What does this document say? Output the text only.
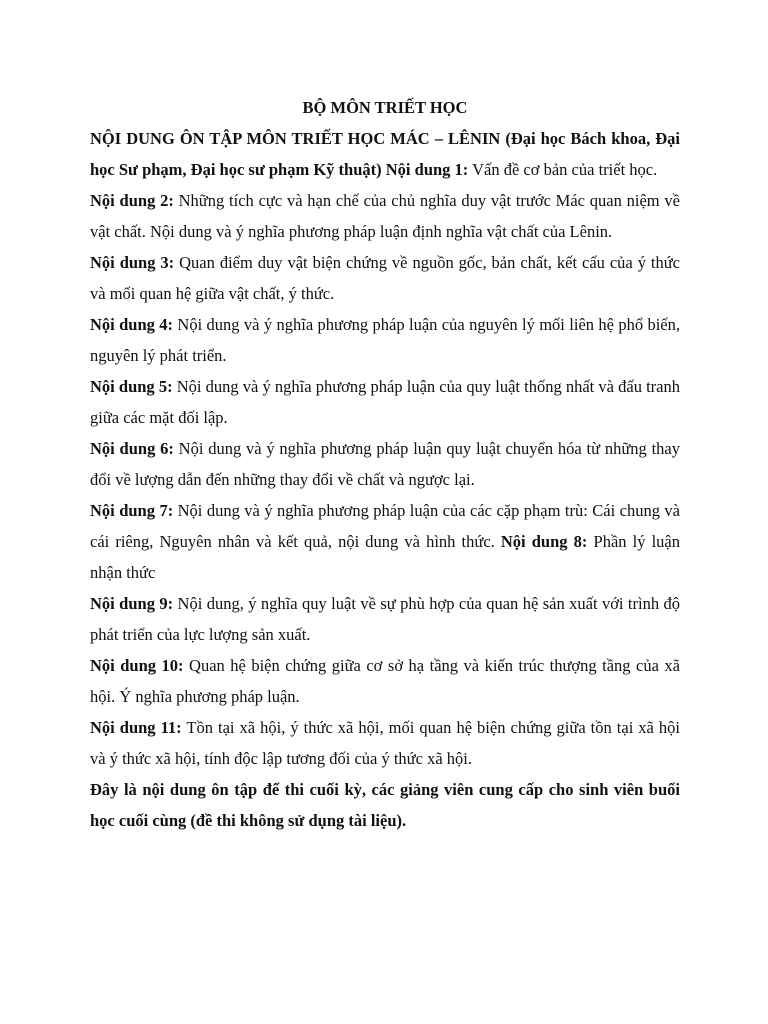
BỘ MÔN TRIẾT HỌC

NỘI DUNG ÔN TẬP MÔN TRIẾT HỌC MÁC – LÊNIN (Đại học Bách khoa, Đại học Sư phạm, Đại học sư phạm Kỹ thuật) Nội dung 1: Vấn đề cơ bản của triết học.

Nội dung 2: Những tích cực và hạn chế của chủ nghĩa duy vật trước Mác quan niệm về vật chất. Nội dung và ý nghĩa phương pháp luận định nghĩa vật chất của Lênin.

Nội dung 3: Quan điểm duy vật biện chứng về nguồn gốc, bản chất, kết cấu của ý thức và mối quan hệ giữa vật chất, ý thức.

Nội dung 4: Nội dung và ý nghĩa phương pháp luận của nguyên lý mối liên hệ phổ biến, nguyên lý phát triển.

Nội dung 5: Nội dung và ý nghĩa phương pháp luận của quy luật thống nhất và đấu tranh giữa các mặt đối lập.

Nội dung 6: Nội dung và ý nghĩa phương pháp luận quy luật chuyển hóa từ những thay đổi về lượng dẫn đến những thay đổi về chất và ngược lại.

Nội dung 7: Nội dung và ý nghĩa phương pháp luận của các cặp phạm trù: Cái chung và cái riêng, Nguyên nhân và kết quả, nội dung và hình thức. Nội dung 8: Phần lý luận nhận thức

Nội dung 9: Nội dung, ý nghĩa quy luật về sự phù hợp của quan hệ sản xuất với trình độ phát triển của lực lượng sản xuất.

Nội dung 10: Quan hệ biện chứng giữa cơ sở hạ tầng và kiến trúc thượng tầng của xã hội. Ý nghĩa phương pháp luận.

Nội dung 11: Tồn tại xã hội, ý thức xã hội, mối quan hệ biện chứng giữa tồn tại xã hội và ý thức xã hội, tính độc lập tương đối của ý thức xã hội.

Đây là nội dung ôn tập để thi cuối kỳ, các giảng viên cung cấp cho sinh viên buổi học cuối cùng (đề thi không sử dụng tài liệu).
